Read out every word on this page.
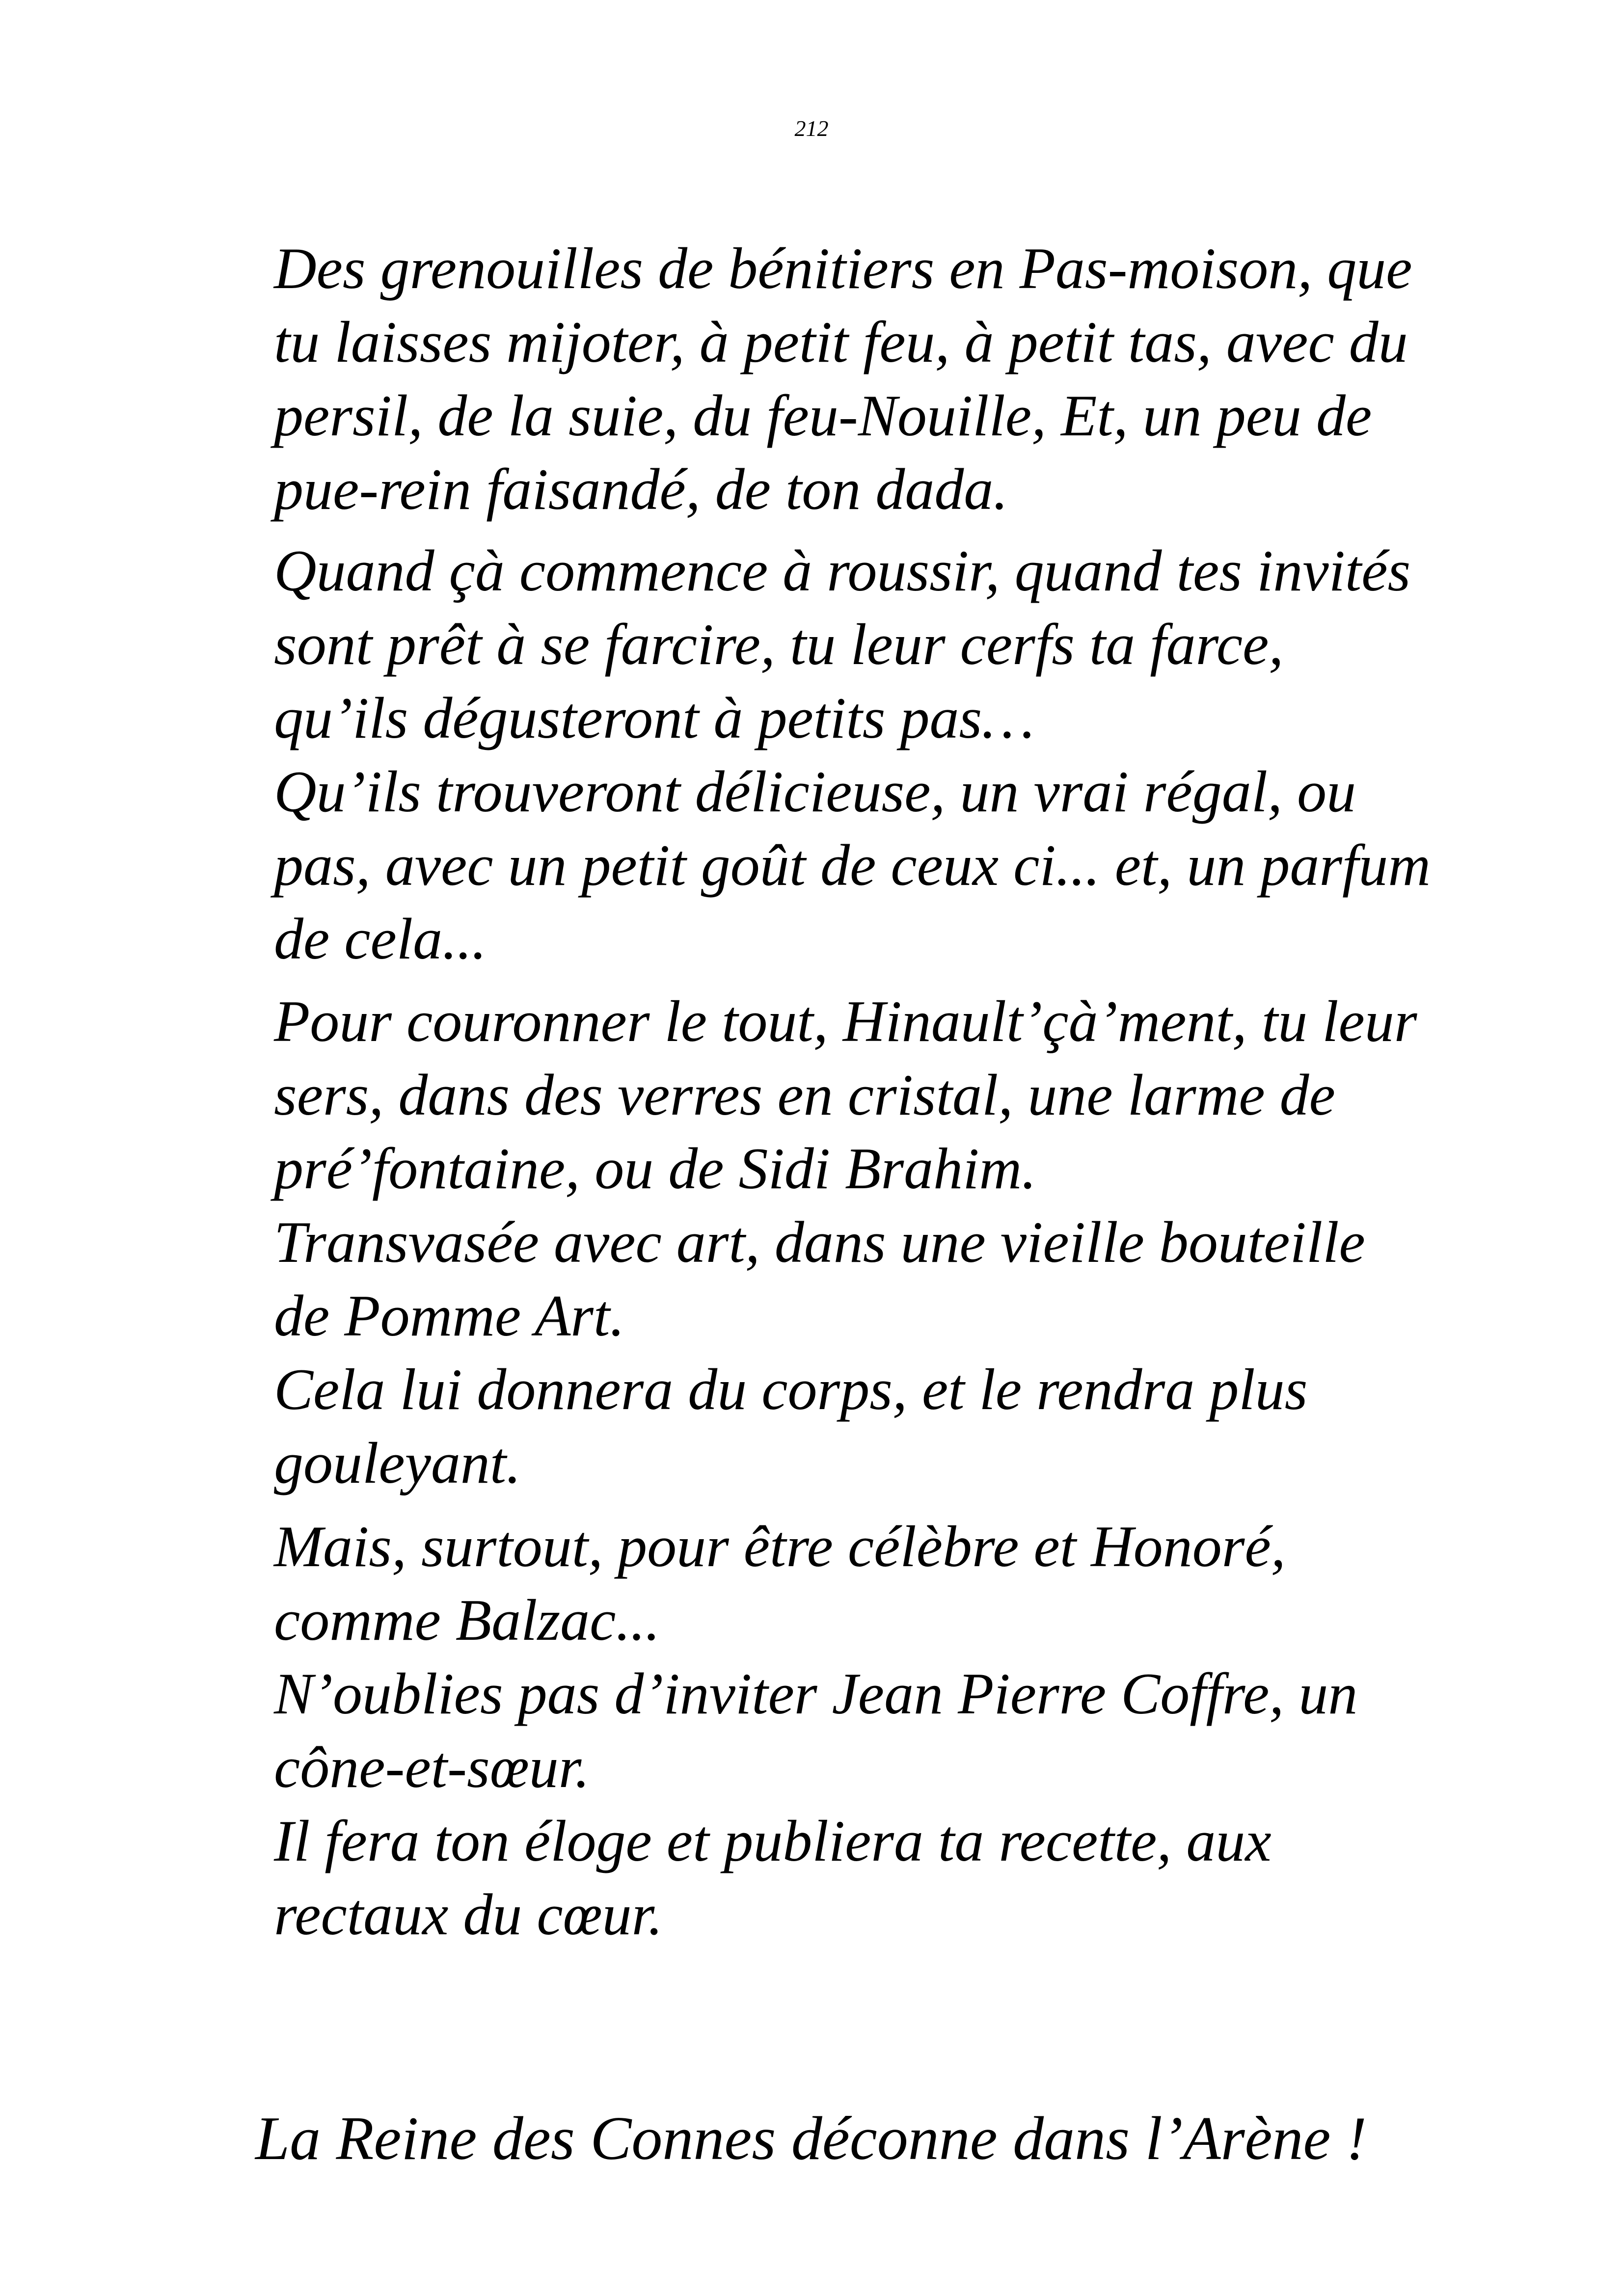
212
Des grenouilles de bénitiers en Pas-moison, que
tu laisses mijoter, à petit feu, à petit tas, avec du
persil, de la suie, du feu-Nouille, Et, un peu de
pue-rein faisandé, de ton dada.
Quand çà commence à roussir, quand tes invités
sont prêt à se farcire, tu leur cerfs ta farce,
qu’ils dégusteront à petits pas…
Qu’ils trouveront délicieuse, un vrai régal, ou
pas, avec un petit goût de ceux ci... et, un parfum
de cela...
Pour couronner le tout, Hinault’çà’ment, tu leur
sers, dans des verres en cristal, une larme de
pré’fontaine, ou de Sidi Brahim.
Transvasée avec art, dans une vieille bouteille
de Pomme Art.
Cela lui donnera du corps, et le rendra plus
gouleyant.
Mais, surtout, pour être célèbre et Honoré,
comme Balzac...
N’oublies pas d’inviter Jean Pierre Coffre, un
cône-et-sœur.
Il fera ton éloge et publiera ta recette, aux
rectaux du cœur.
La Reine des Connes déconne dans l’Arène !
